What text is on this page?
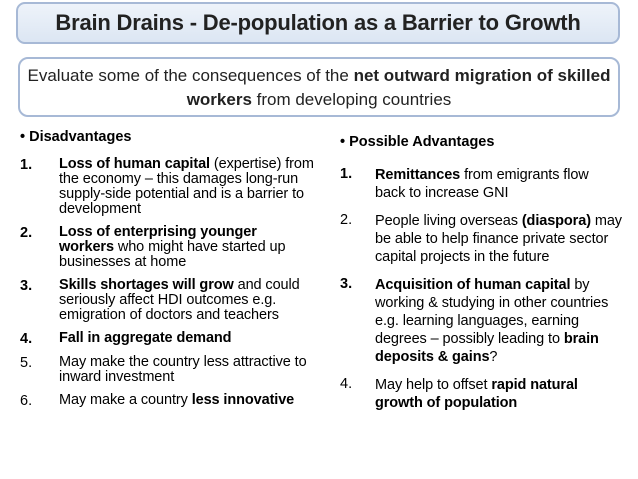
Brain Drains - De-population as a Barrier to Growth
Evaluate some of the consequences of the net outward migration of skilled workers from developing countries
• Disadvantages
1.	Loss of human capital (expertise) from the economy – this damages long-run supply-side potential and is a barrier to development
2.	Loss of enterprising younger workers who might have started up businesses at home
3.	Skills shortages will grow and could seriously affect HDI outcomes e.g. emigration of doctors and teachers
4.	Fall in aggregate demand
5.	May make the country less attractive to inward investment
6.	May make a country less innovative
• Possible Advantages
1.	Remittances from emigrants flow back to increase GNI
2.	People living overseas (diaspora) may be able to help finance private sector capital projects in the future
3.	Acquisition of human capital by working & studying in other countries e.g. learning languages, earning degrees – possibly leading to brain deposits & gains?
4.	May help to offset rapid natural growth of population
